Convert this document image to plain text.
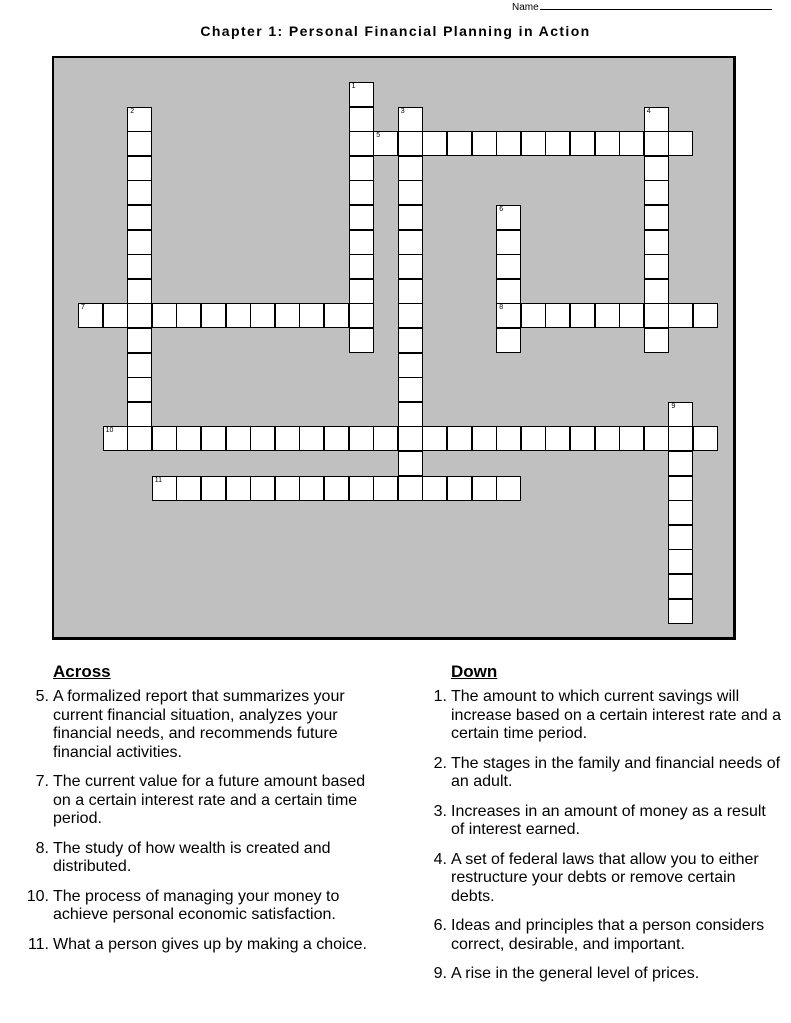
Name
Chapter 1: Personal Financial Planning in Action
1
2	3	4
5
6
8
7
9
10
11
Across
5. A formalized report that summarizes your current financial situation, analyzes your financial needs, and recommends future financial activities.
7. The current value for a future amount based on a certain interest rate and a certain time period.
8. The study of how wealth is created and distributed.
10. The process of managing your money to achieve personal economic satisfaction.
11. What a person gives up by making a choice.
Down
1. The amount to which current savings will increase based on a certain interest rate and a certain time period.
2. The stages in the family and financial needs of an adult.
3. Increases in an amount of money as a result of interest earned.
4. A set of federal laws that allow you to either restructure your debts or remove certain debts.
6. Ideas and principles that a person considers correct, desirable, and important.
9. A rise in the general level of prices.
